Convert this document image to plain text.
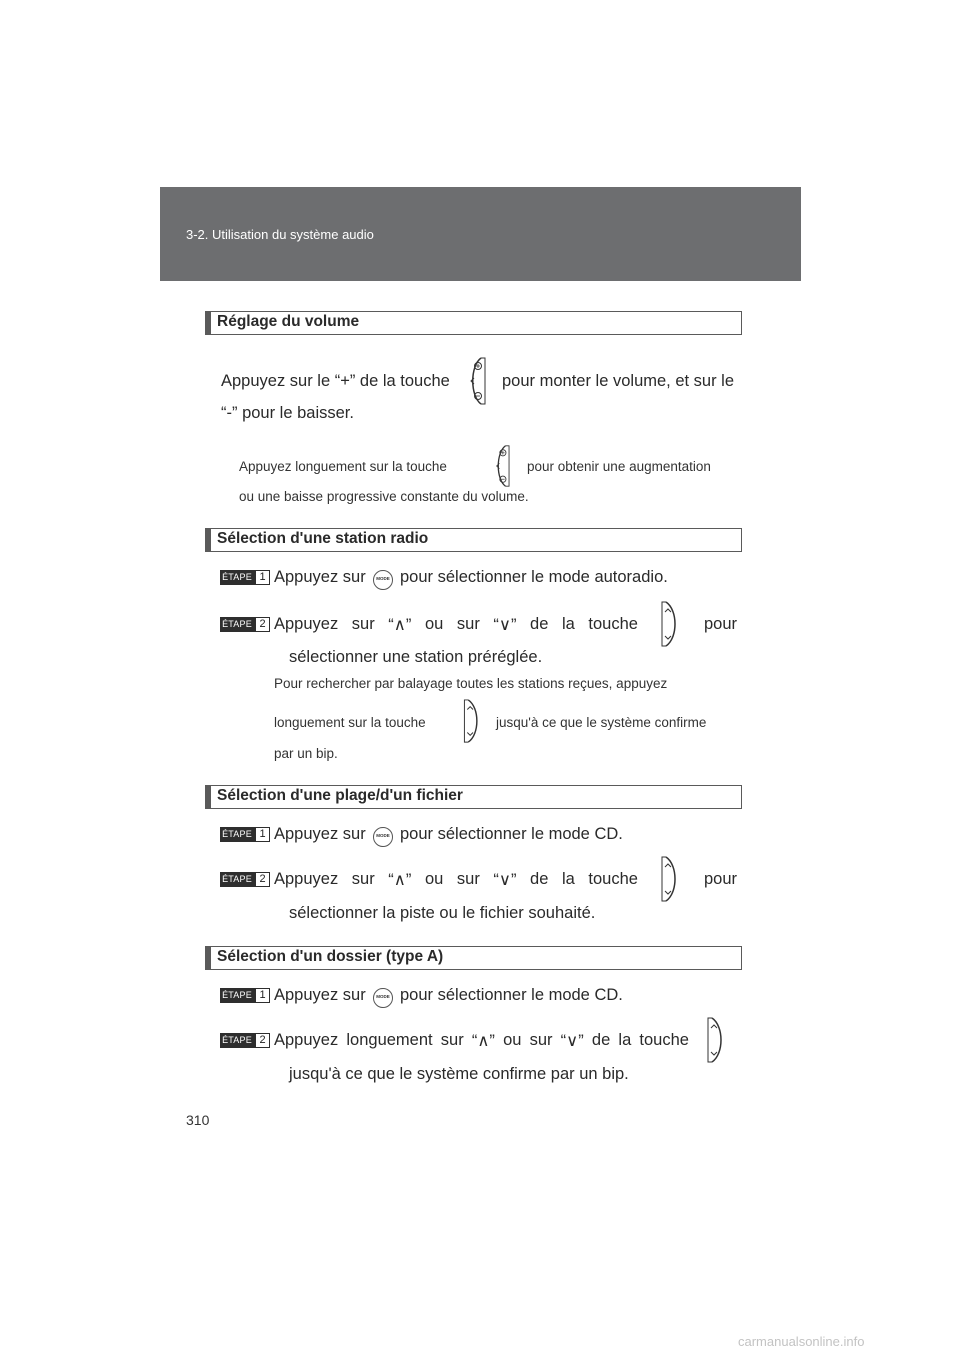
3-2. Utilisation du système audio
Réglage du volume
Appuyez sur le “+” de la touche	pour monter le volume, et sur le
“-” pour le baisser.
Appuyez longuement sur la touche	pour obtenir une augmentation
ou une baisse progressive constante du volume.
Sélection d'une station radio
ÉTAPE 1 Appuyez sur	MODE pour sélectionner le mode autoradio.
ÉTAPE 2 Appuyez sur “∧” ou sur “∨” de la touche	pour
sélectionner une station préréglée.
Pour rechercher par balayage toutes les stations reçues, appuyez
longuement sur la touche	jusqu'à ce que le système confirme
par un bip.
Sélection d'une plage/d'un fichier
ÉTAPE 1 Appuyez sur	MODE pour sélectionner le mode CD.
ÉTAPE 2 Appuyez sur “∧” ou sur “∨” de la touche	pour
sélectionner la piste ou le fichier souhaité.
Sélection d'un dossier (type A)
ÉTAPE 1 Appuyez sur	MODE pour sélectionner le mode CD.
ÉTAPE 2 Appuyez longuement sur “∧” ou sur “∨” de la touche
jusqu'à ce que le système confirme par un bip.
310
carmanualsonline.info
